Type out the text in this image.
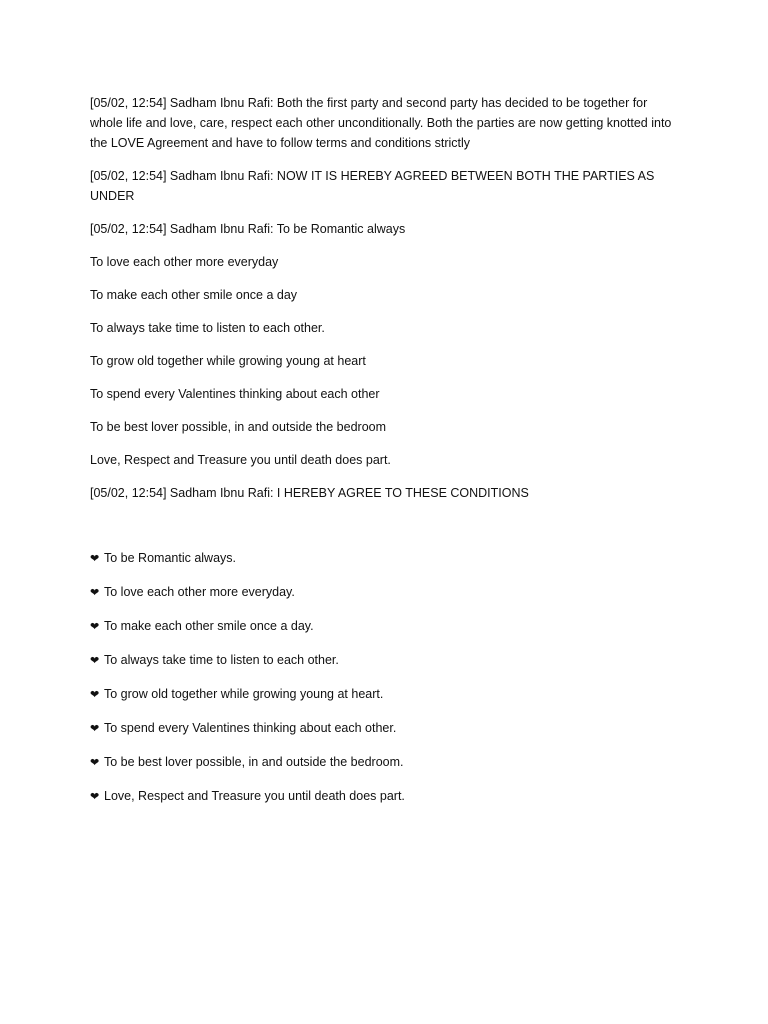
[05/02, 12:54] Sadham Ibnu Rafi: Both the first party and second party has decided to be together for whole life and love, care, respect each other unconditionally. Both the parties are now getting knotted into the LOVE Agreement and have to follow terms and conditions strictly

[05/02, 12:54] Sadham Ibnu Rafi: NOW IT IS HEREBY AGREED BETWEEN BOTH THE PARTIES AS UNDER

[05/02, 12:54] Sadham Ibnu Rafi: To be Romantic always

To love each other more everyday

To make each other smile once a day

To always take time to listen to each other.

To grow old together while growing young at heart

To spend every Valentines thinking about each other

To be best lover possible, in and outside the bedroom

Love, Respect and Treasure you until death does part.

[05/02, 12:54] Sadham Ibnu Rafi: I HEREBY AGREE TO THESE CONDITIONS

❤ To be Romantic always.
❤ To love each other more everyday.
❤ To make each other smile once a day.
❤ To always take time to listen to each other.
❤ To grow old together while growing young at heart.
❤ To spend every Valentines thinking about each other.
❤ To be best lover possible, in and outside the bedroom.
❤ Love, Respect and Treasure you until death does part.
